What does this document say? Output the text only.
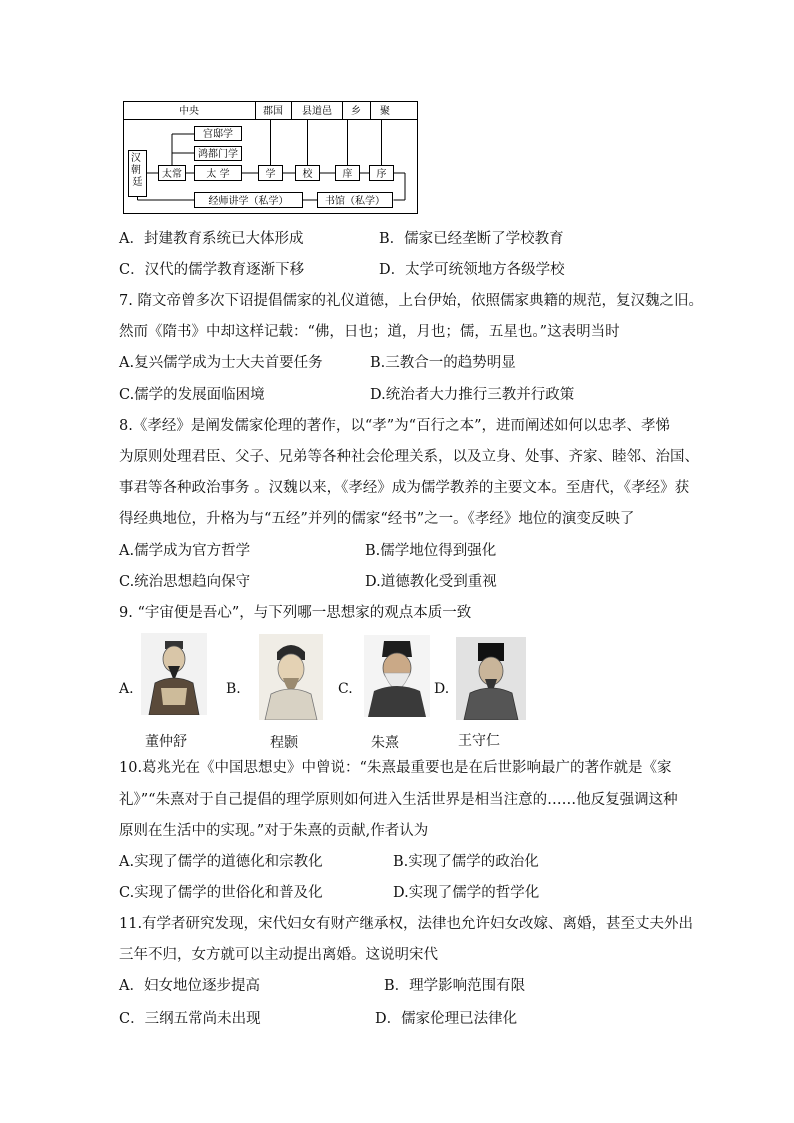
中央	郡国 县道邑 乡 聚
汉 朝 廷
太常
宫邸学
鸿都门学
太 学	学	校	庠 序
经师讲学（私学）	书馆（私学）
A．封建教育系统已大体形成	B．儒家已经垄断了学校教育
C．汉代的儒学教育逐渐下移	D．太学可统领地方各级学校
7. 隋文帝曾多次下诏提倡儒家的礼仪道德，上台伊始，依照儒家典籍的规范，复汉魏之旧。
然而《隋书》中却这样记载：“佛，日也；道，月也；儒，五星也。”这表明当时
A.复兴儒学成为士大夫首要任务	B.三教合一的趋势明显
C.儒学的发展面临困境	D.统治者大力推行三教并行政策
8.《孝经》是阐发儒家伦理的著作，以“孝”为“百行之本”，进而阐述如何以忠孝、孝悌
为原则处理君臣、父子、兄弟等各种社会伦理关系，以及立身、处事、齐家、睦邻、治国、
事君等各种政治事务 。汉魏以来，《孝经》成为儒学教养的主要文本。至唐代，《孝经》获
得经典地位，升格为与“五经”并列的儒家“经书”之一。《孝经》地位的演变反映了
A.儒学成为官方哲学	B.儒学地位得到强化
C.统治思想趋向保守	D.道德教化受到重视
9. “宇宙便是吾心”，与下列哪一思想家的观点本质一致
A.	B.	C.	D.
董仲舒	程颢	朱熹	王守仁
10.葛兆光在《中国思想史》中曾说：“朱熹最重要也是在后世影响最广的著作就是《家
礼》”“朱熹对于自己提倡的理学原则如何进入生活世界是相当注意的……他反复强调这种
原则在生活中的实现。”对于朱熹的贡献,作者认为
A.实现了儒学的道德化和宗教化	B.实现了儒学的政治化
C.实现了儒学的世俗化和普及化	D.实现了儒学的哲学化
11.有学者研究发现，宋代妇女有财产继承权，法律也允许妇女改嫁、离婚，甚至丈夫外出
三年不归，女方就可以主动提出离婚。这说明宋代
A．妇女地位逐步提高	B．理学影响范围有限
C．三纲五常尚未出现	D．儒家伦理已法律化
